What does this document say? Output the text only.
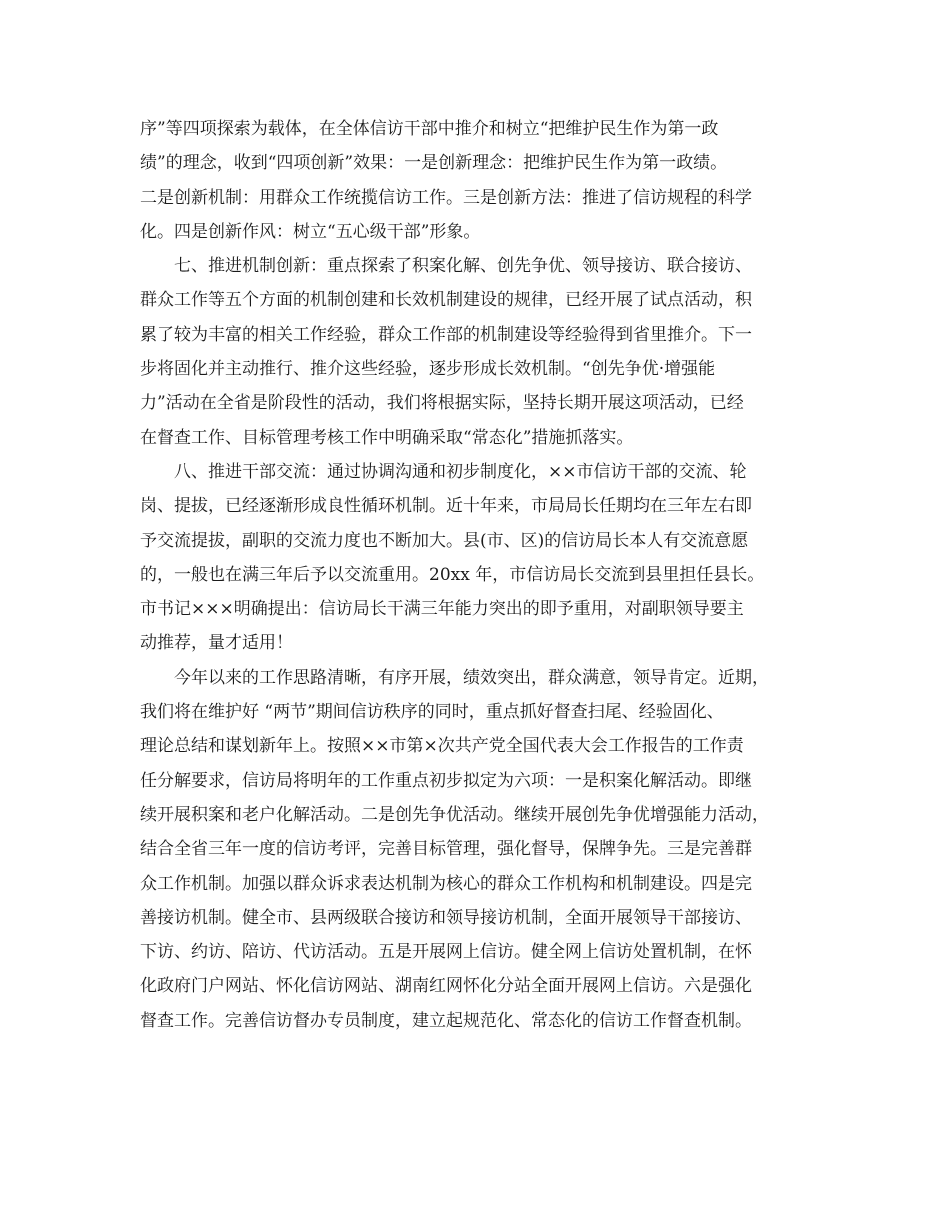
序”等四项探索为载体，在全体信访干部中推介和树立“把维护民生作为第一政
绩”的理念，收到“四项创新”效果：一是创新理念：把维护民生作为第一政绩。
二是创新机制：用群众工作统揽信访工作。三是创新方法：推进了信访规程的科学
化。四是创新作风：树立“五心级干部”形象。
七、推进机制创新：重点探索了积案化解、创先争优、领导接访、联合接访、
群众工作等五个方面的机制创建和长效机制建设的规律，已经开展了试点活动，积
累了较为丰富的相关工作经验，群众工作部的机制建设等经验得到省里推介。下一
步将固化并主动推行、推介这些经验，逐步形成长效机制。“创先争优·增强能
力”活动在全省是阶段性的活动，我们将根据实际，坚持长期开展这项活动，已经
在督查工作、目标管理考核工作中明确采取“常态化”措施抓落实。
八、推进干部交流：通过协调沟通和初步制度化，××市信访干部的交流、轮
岗、提拔，已经逐渐形成良性循环机制。近十年来，市局局长任期均在三年左右即
予交流提拔，副职的交流力度也不断加大。县(市、区)的信访局长本人有交流意愿
的，一般也在满三年后予以交流重用。20xx 年，市信访局长交流到县里担任县长。
市书记×××明确提出：信访局长干满三年能力突出的即予重用，对副职领导要主
动推荐，量才适用！
今年以来的工作思路清晰，有序开展，绩效突出，群众满意，领导肯定。近期，
我们将在维护好 “两节”期间信访秩序的同时，重点抓好督查扫尾、经验固化、
理论总结和谋划新年上。按照××市第×次共产党全国代表大会工作报告的工作责
任分解要求，信访局将明年的工作重点初步拟定为六项：一是积案化解活动。即继
续开展积案和老户化解活动。二是创先争优活动。继续开展创先争优增强能力活动，
结合全省三年一度的信访考评，完善目标管理，强化督导，保牌争先。三是完善群
众工作机制。加强以群众诉求表达机制为核心的群众工作机构和机制建设。四是完
善接访机制。健全市、县两级联合接访和领导接访机制，全面开展领导干部接访、
下访、约访、陪访、代访活动。五是开展网上信访。健全网上信访处置机制，在怀
化政府门户网站、怀化信访网站、湖南红网怀化分站全面开展网上信访。六是强化
督查工作。完善信访督办专员制度，建立起规范化、常态化的信访工作督查机制。
